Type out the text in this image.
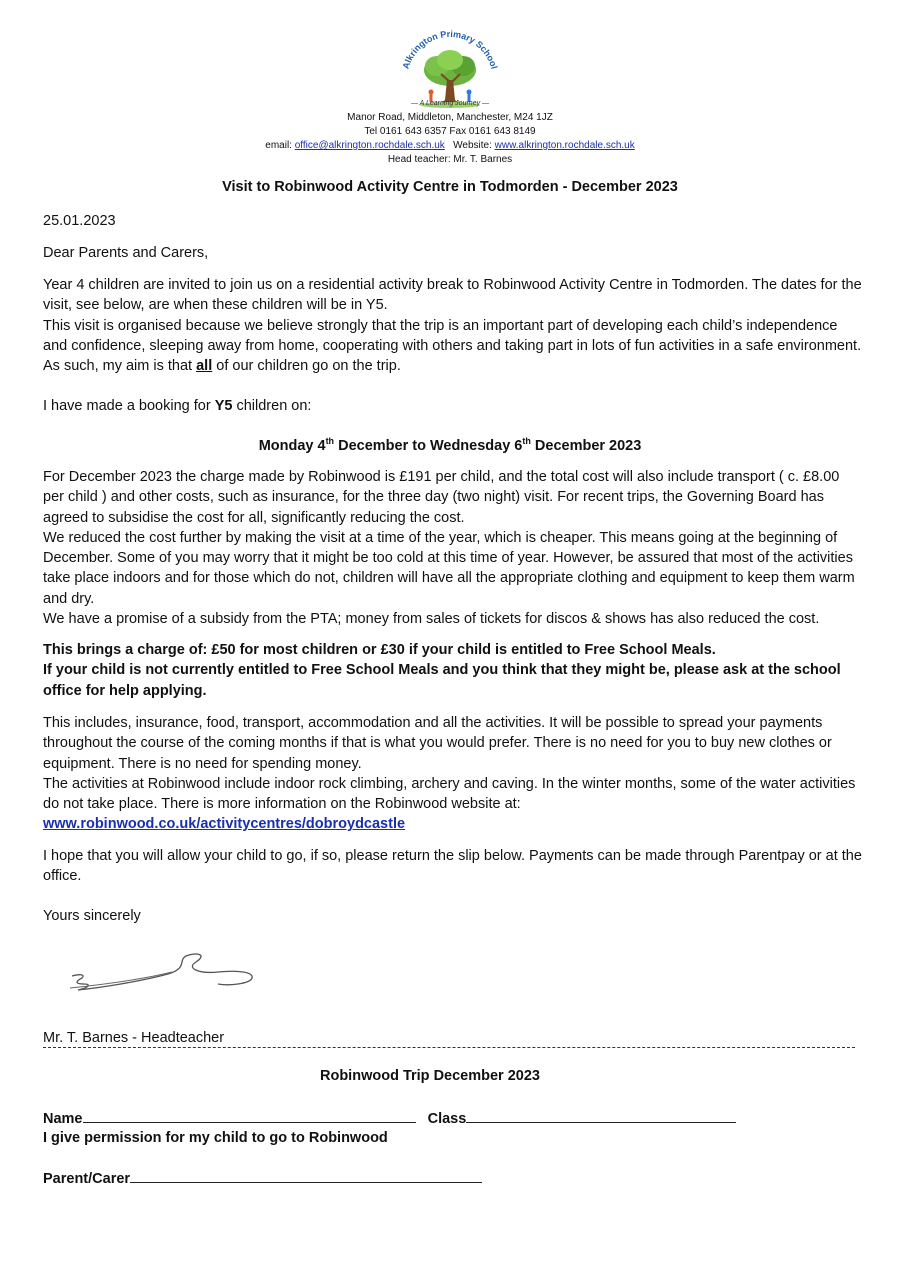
Alkrington Primary School
— A Learning Journey —
Manor Road, Middleton, Manchester, M24 1JZ
Tel 0161 643 6357 Fax 0161 643 8149
email: office@alkrington.rochdale.sch.uk Website: www.alkrington.rochdale.sch.uk
Head teacher: Mr. T. Barnes
Visit to Robinwood Activity Centre in Todmorden - December 2023
25.01.2023
Dear Parents and Carers,

Year 4 children are invited to join us on a residential activity break to Robinwood Activity Centre in Todmorden. The dates for the visit, see below, are when these children will be in Y5.

This visit is organised because we believe strongly that the trip is an important part of developing each child’s independence and confidence, sleeping away from home, cooperating with others and taking part in lots of fun activities in a safe environment. As such, my aim is that all of our children go on the trip.

I have made a booking for Y5 children on:
Monday 4th December to Wednesday 6th December 2023

For December 2023 the charge made by Robinwood is £191 per child, and the total cost will also include transport ( c. £8.00 per child ) and other costs, such as insurance, for the three day (two night) visit. For recent trips, the Governing Board has agreed to subsidise the cost for all, significantly reducing the cost.

We reduced the cost further by making the visit at a time of the year, which is cheaper. This means going at the beginning of December. Some of you may worry that it might be too cold at this time of year. However, be assured that most of the activities take place indoors and for those which do not, children will have all the appropriate clothing and equipment to keep them warm and dry.

We have a promise of a subsidy from the PTA; money from sales of tickets for discos & shows has also reduced the cost.

This brings a charge of: £50 for most children or £30 if your child is entitled to Free School Meals.

If your child is not currently entitled to Free School Meals and you think that they might be, please ask at the school office for help applying.

This includes, insurance, food, transport, accommodation and all the activities. It will be possible to spread your payments throughout the course of the coming months if that is what you would prefer. There is no need for you to buy new clothes or equipment. There is no need for spending money.

The activities at Robinwood include indoor rock climbing, archery and caving. In the winter months, some of the water activities do not take place. There is more information on the Robinwood website at:

www.robinwood.co.uk/activitycentres/dobroydcastle

I hope that you will allow your child to go, if so, please return the slip below. Payments can be made through Parentpay or at the office.
Yours sincerely
Mr. T. Barnes - Headteacher
Robinwood Trip December 2023
Name	Class
I give permission for my child to go to Robinwood
Parent/Carer
